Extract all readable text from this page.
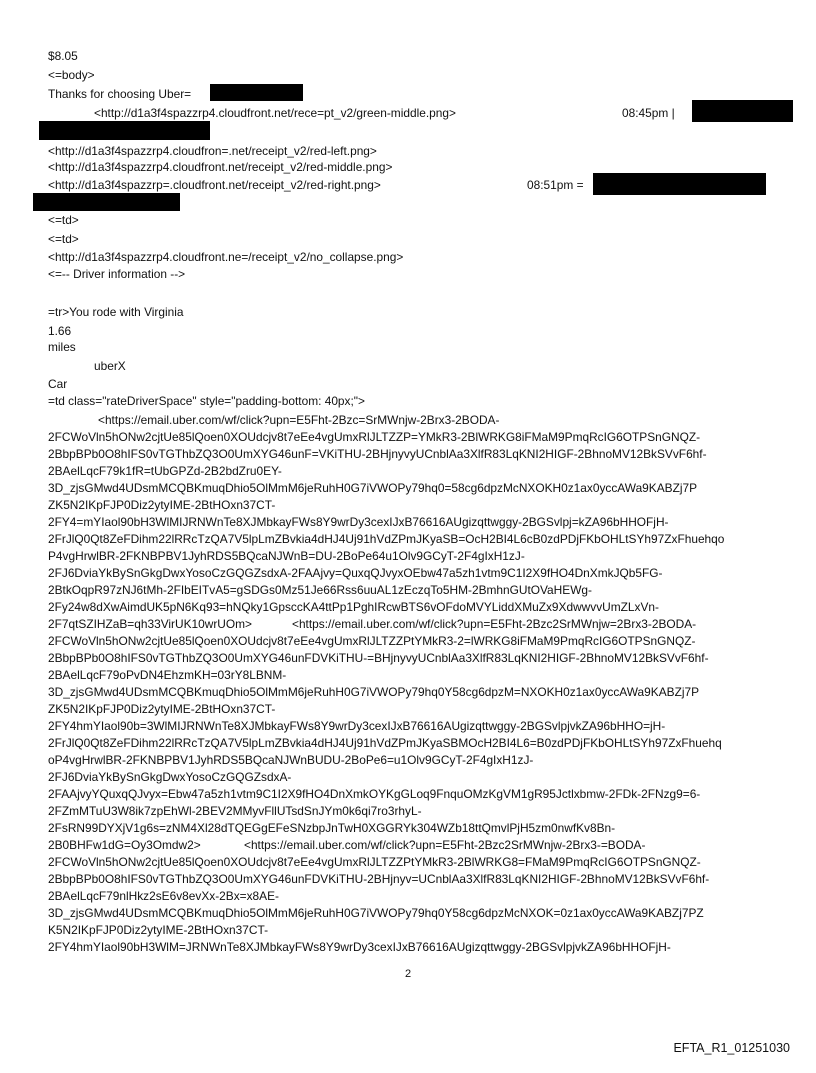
$8.05
<=body>
Thanks for choosing Uber=
<http://d1a3f4spazzrp4.cloudfront.net/rece=pt_v2/green-middle.png>	08:45pm |
<http://d1a3f4spazzrp4.cloudfron=.net/receipt_v2/red-left.png>
<http://d1a3f4spazzrp4.cloudfront.net/receipt_v2/red-middle.png>
<http://d1a3f4spazzrp=.cloudfront.net/receipt_v2/red-right.png>	08:51pm =
<=td>
<=td>
<http://d1a3f4spazzrp4.cloudfront.ne=/receipt_v2/no_collapse.png>
<=-- Driver information -->
=tr>You rode with Virginia
1.66
miles
uberX
Car
=td class="rateDriverSpace" style="padding-bottom: 40px;">
<https://email.uber.com/wf/click?upn=E5Fht-2Bzc=SrMWnjw-2Brx3-2BODA-
2FCWoVln5hONw2cjtUe85lQoen0XOUdcjv8t7eEe4vgUmxRlJLTZZP=YMkR3-2BlWRKG8iFMaM9PmqRcIG6OTPSnGNQZ-
2BbpBPb0O8hIFS0vTGThbZQ3O0UmXYG46unF=VKiTHU-2BHjnyvyUCnblAa3XlfR83LqKNI2HIGF-2BhnoMV12BkSVvF6hf-
2BAelLqcF79k1fR=tUbGPZd-2B2bdZru0EY-
3D_zjsGMwd4UDsmMCQBKmuqDhio5OlMmM6jeRuhH0G7iVWOPy79hq0=58cg6dpzMcNXOKH0z1ax0yccAWa9KABZj7P
ZK5N2IKpFJP0Diz2ytyIME-2BtHOxn37CT-
2FY4=mYIaol90bH3WlMIJRNWnTe8XJMbkayFWs8Y9wrDy3cexIJxB76616AUgizqttwggy-2BGSvlpj=kZA96bHHOFjH-
2FrJlQ0Qt8ZeFDihm22lRRcTzQA7V5lpLmZBvkia4dHJ4Uj91hVdZPmJKyaSB=OcH2BI4L6cB0zdPDjFKbOHLtSYh97ZxFhuehqo
P4vgHrwlBR-2FKNBPBV1JyhRDS5BQcaNJWnB=DU-2BoPe64u1Olv9GCyT-2F4gIxH1zJ-
2FJ6DviaYkBySnGkgDwxYosoCzGQGZsdxA-2FAAjvy=QuxqQJvyxOEbw47a5zh1vtm9C1I2X9fHO4DnXmkJQb5FG-
2BtkOqpR97zNJ6tMh-2FIbEITvA5=gSDGs0Mz51Je66Rss6uuAL1zEczqTo5HM-2BmhnGUtOVaHEWg-
2Fy24w8dXwAimdUK5pN6Kq93=hNQky1GpsccKA4ttPp1PghIRcwBTS6vOFdoMVYLiddXMuZx9XdwwvvUmZLxVn-
2F7qtSZIHZaB=qh33VirUK10wrUOm>	<https://email.uber.com/wf/click?upn=E5Fht-2Bzc2SrMWnjw=2Brx3-2BODA-
2FCWoVln5hONw2cjtUe85lQoen0XOUdcjv8t7eEe4vgUmxRlJLTZZPtYMkR3-2=lWRKG8iFMaM9PmqRcIG6OTPSnGNQZ-
2BbpBPb0O8hIFS0vTGThbZQ3O0UmXYG46unFDVKiTHU-=BHjnyvyUCnblAa3XlfR83LqKNI2HIGF-2BhnoMV12BkSVvF6hf-
2BAelLqcF79oPvDN4EhzmKH=03rY8LBNM-
3D_zjsGMwd4UDsmMCQBKmuqDhio5OlMmM6jeRuhH0G7iVWOPy79hq0Y58cg6dpzM=NXOKH0z1ax0yccAWa9KABZj7P
ZK5N2IKpFJP0Diz2ytyIME-2BtHOxn37CT-
2FY4hmYIaol90b=3WlMIJRNWnTe8XJMbkayFWs8Y9wrDy3cexIJxB76616AUgizqttwggy-2BGSvlpjvkZA96bHHO=jH-
2FrJlQ0Qt8ZeFDihm22lRRcTzQA7V5lpLmZBvkia4dHJ4Uj91hVdZPmJKyaSBMOcH2BI4L6=B0zdPDjFKbOHLtSYh97ZxFhuehq
oP4vgHrwlBR-2FKNBPBV1JyhRDS5BQcaNJWnBUDU-2BoPe6=u1Olv9GCyT-2F4gIxH1zJ-
2FJ6DviaYkBySnGkgDwxYosoCzGQGZsdxA-
2FAAjvyYQuxqQJvyx=Ebw47a5zh1vtm9C1I2X9fHO4DnXmkOYKgGLoq9FnquOMzKgVM1gR95Jctlxbmw-2FDk-2FNzg9=6-
2FZmMTuU3W8ik7zpEhWl-2BEV2MMyvFllUTsdSnJYm0k6qi7ro3rhyL-
2FsRN99DYXjV1g6s=zNM4Xl28dTQEGgEFeSNzbpJnTwH0XGGRYk304WZb18ttQmvlPjH5zm0nwfKv8Bn-
2B0BHFw1dG=Oy3Omdw2>	<https://email.uber.com/wf/click?upn=E5Fht-2Bzc2SrMWnjw-2Brx3-=BODA-
2FCWoVln5hONw2cjtUe85lQoen0XOUdcjv8t7eEe4vgUmxRlJLTZZPtYMkR3-2BlWRKG8=FMaM9PmqRcIG6OTPSnGNQZ-
2BbpBPb0O8hIFS0vTGThbZQ3O0UmXYG46unFDVKiTHU-2BHjnyv=UCnblAa3XlfR83LqKNI2HIGF-2BhnoMV12BkSVvF6hf-
2BAelLqcF79nlHkz2sE6v8evXx-2Bx=x8AE-
3D_zjsGMwd4UDsmMCQBKmuqDhio5OlMmM6jeRuhH0G7iVWOPy79hq0Y58cg6dpzMcNXOK=0z1ax0yccAWa9KABZj7PZ
K5N2IKpFJP0Diz2ytyIME-2BtHOxn37CT-
2FY4hmYIaol90bH3WlM=JRNWnTe8XJMbkayFWs8Y9wrDy3cexIJxB76616AUgizqttwggy-2BGSvlpjvkZA96bHHOFjH-
2
EFTA_R1_01251030
